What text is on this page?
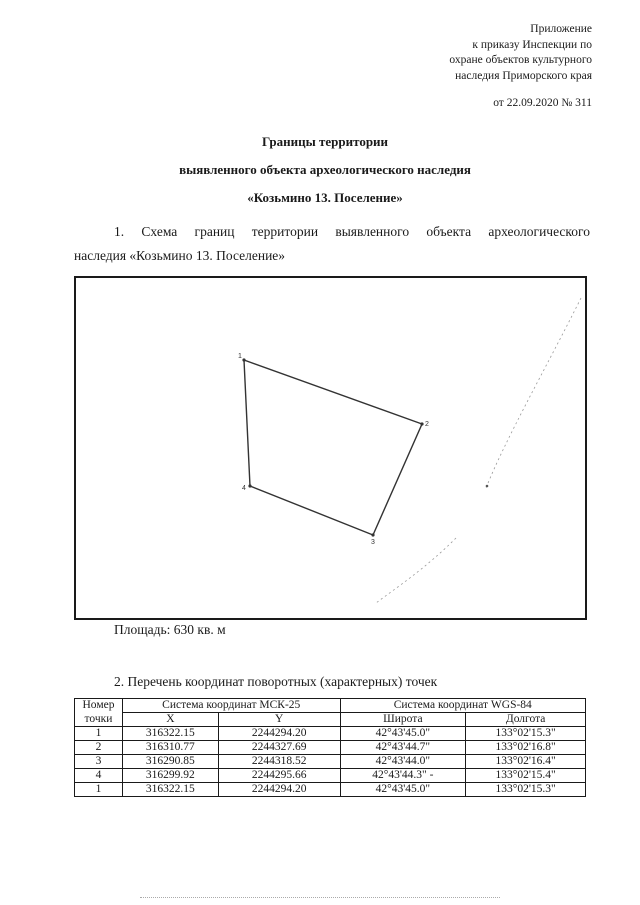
Приложение
к приказу Инспекции по
охране объектов культурного
наследия Приморского края
от 22.09.2020 № 311
Границы территории
выявленного объекта археологического наследия
«Козьмино 13. Поселение»
1. Схема границ территории выявленного объекта археологического
наследия «Козьмино 13. Поселение»
1
2
3
4
Площадь: 630 кв. м
2. Перечень координат поворотных (характерных) точек
Номер	Система координат МСК-25		Система координат WGS-84	
точки	X	Y	Широта	Долгота
1	316322.15	2244294.20	42°43'45.0"	133°02'15.3"
2	316310.77	2244327.69	42°43'44.7"	133°02'16.8"
3	316290.85	2244318.52	42°43'44.0"	133°02'16.4"
4	316299.92	2244295.66	42°43'44.3" -	133°02'15.4"
1	316322.15	2244294.20	42°43'45.0"	133°02'15.3"
